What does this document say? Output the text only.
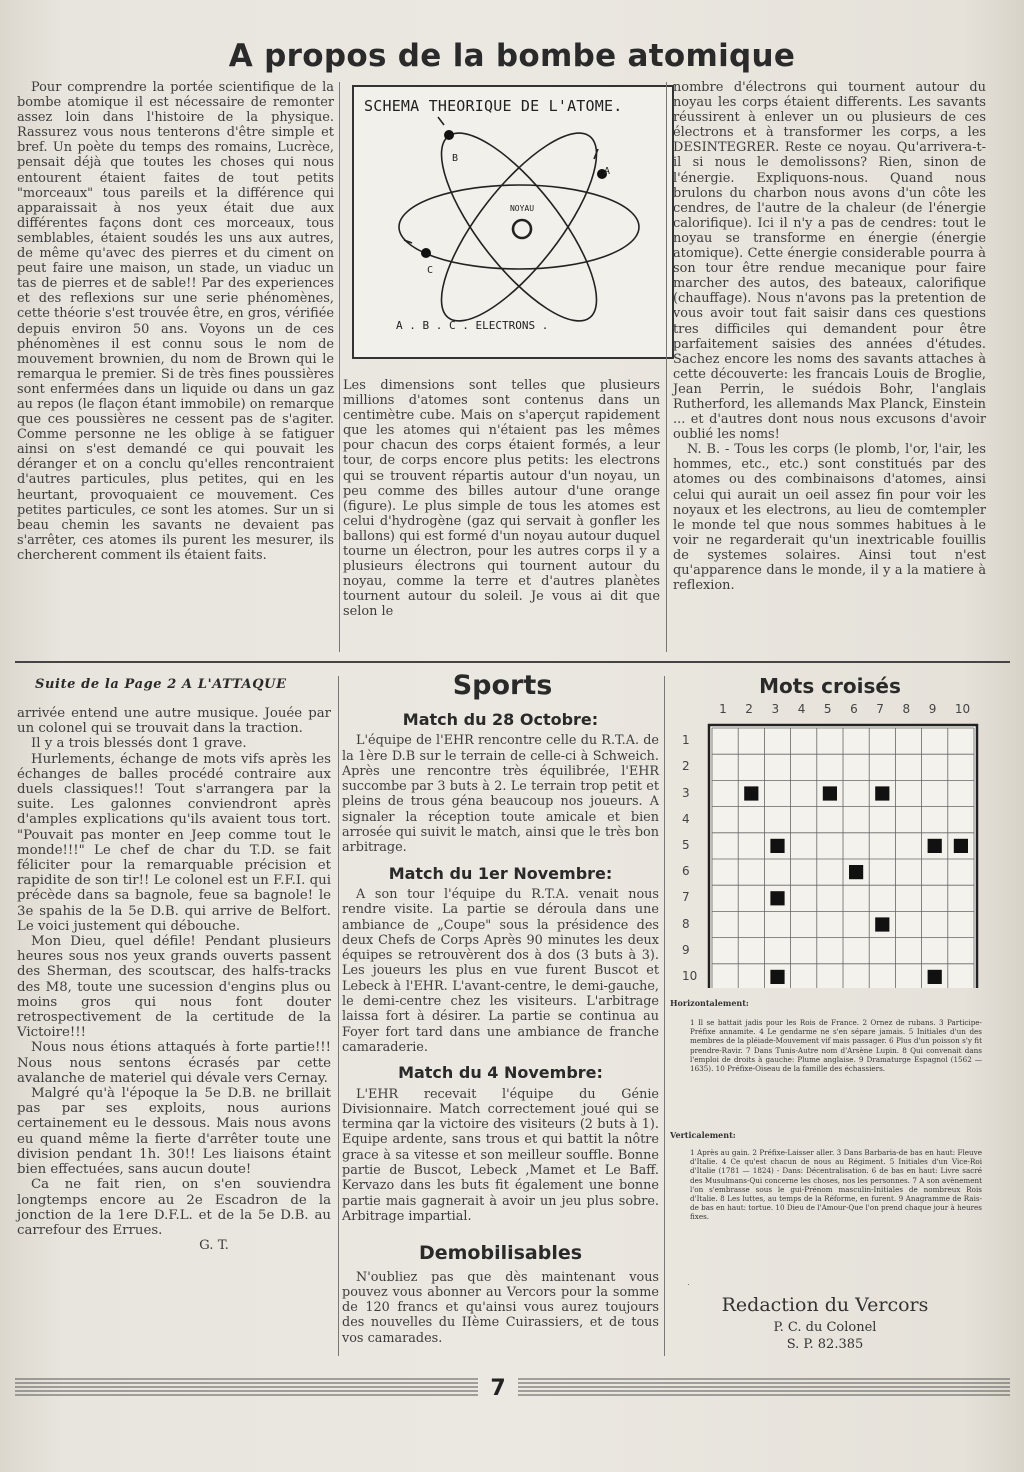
A propos de la bombe atomique

Pour comprendre la portée scientifique de la bombe atomique il est nécessaire de remonter assez loin dans l'histoire de la physique. Rassurez vous nous tenterons d'être simple et bref. Un poète du temps des romains, Lucrèce, pensait déjà que toutes les choses qui nous entourent étaient faites de tout petits "morceaux" tous pareils et la différence qui apparaissait à nos yeux était due aux différentes façons dont ces morceaux, tous semblables, étaient soudés les uns aux autres, de même qu'avec des pierres et du ciment on peut faire une maison, un stade, un viaduc un tas de pierres et de sable!! Par des experiences et des reflexions sur une serie phénomènes, cette théorie s'est trouvée être, en gros, vérifiée depuis environ 50 ans. Voyons un de ces phénomènes il est connu sous le nom de mouvement brownien, du nom de Brown qui le remarqua le premier. Si de très fines poussières sont enfermées dans un liquide ou dans un gaz au repos (le flaçon étant immobile) on remarque que ces poussières ne cessent pas de s'agiter. Comme personne ne les oblige à se fatiguer ainsi on s'est demandé ce qui pouvait les déranger et on a conclu qu'elles rencontraient d'autres particules, plus petites, qui en les heurtant, provoquaient ce mouvement. Ces petites particules, ce sont les atomes. Sur un si beau chemin les savants ne devaient pas s'arrêter, ces atomes ils purent les mesurer, ils chercherent comment ils étaient faits.

SCHEMA THEORIQUE DE L'ATOME.
NOYAU
B
A
C
A . B . C . ELECTRONS .

Les dimensions sont telles que plusieurs millions d'atomes sont contenus dans un centimètre cube. Mais on s'aperçut rapidement que les atomes qui n'étaient pas les mêmes pour chacun des corps étaient formés, a leur tour, de corps encore plus petits: les electrons qui se trouvent répartis autour d'un noyau, un peu comme des billes autour d'une orange (figure). Le plus simple de tous les atomes est celui d'hydrogène (gaz qui servait à gonfler les ballons) qui est formé d'un noyau autour duquel tourne un électron, pour les autres corps il y a plusieurs électrons qui tournent autour du noyau, comme la terre et d'autres planètes tournent autour du soleil. Je vous ai dit que selon le

nombre d'électrons qui tournent autour du noyau les corps étaient differents. Les savants réussirent à enlever un ou plusieurs de ces électrons et à transformer les corps, a les DESINTEGRER. Reste ce noyau. Qu'arrivera-t-il si nous le demolissons? Rien, sinon de l'énergie. Expliquons-nous. Quand nous brulons du charbon nous avons d'un côte les cendres, de l'autre de la chaleur (de l'énergie calorifique). Ici il n'y a pas de cendres: tout le noyau se transforme en énergie (énergie atomique). Cette énergie considerable pourra à son tour être rendue mecanique pour faire marcher des autos, des bateaux, calorifique (chauffage). Nous n'avons pas la pretention de vous avoir tout fait saisir dans ces questions tres difficiles qui demandent pour être parfaitement saisies des années d'études. Sachez encore les noms des savants attaches à cette découverte: les francais Louis de Broglie, Jean Perrin, le suédois Bohr, l'anglais Rutherford, les allemands Max Planck, Einstein ... et d'autres dont nous nous excusons d'avoir oublié les noms!

N. B. - Tous les corps (le plomb, l'or, l'air, les hommes, etc., etc.) sont constitués par des atomes ou des combinaisons d'atomes, ainsi celui qui aurait un oeil assez fin pour voir les noyaux et les electrons, au lieu de comtempler le monde tel que nous sommes habitues à le voir ne regarderait qu'un inextricable fouillis de systemes solaires. Ainsi tout n'est qu'apparence dans le monde, il y a la matiere à reflexion.

Suite de la Page 2 A L'ATTAQUE

arrivée entend une autre musique. Jouée par un colonel qui se trouvait dans la traction.

Il y a trois blessés dont 1 grave.

Hurlements, échange de mots vifs après les échanges de balles procédé contraire aux duels classiques!! Tout s'arrangera par la suite. Les galonnes conviendront après d'amples explications qu'ils avaient tous tort. "Pouvait pas monter en Jeep comme tout le monde!!!" Le chef de char du T.D. se fait féliciter pour la remarquable précision et rapidite de son tir!! Le colonel est un F.F.I. qui précède dans sa bagnole, feue sa bagnole! le 3e spahis de la 5e D.B. qui arrive de Belfort. Le voici justement qui débouche.

Mon Dieu, quel défile! Pendant plusieurs heures sous nos yeux grands ouverts passent des Sherman, des scoutscar, des halfs-tracks des M8, toute une sucession d'engins plus ou moins gros qui nous font douter retrospectivement de la certitude de la Victoire!!!

Nous nous étions attaqués à forte partie!!! Nous nous sentons écrasés par cette avalanche de materiel qui dévale vers Cernay.

Malgré qu'à l'époque la 5e D.B. ne brillait pas par ses exploits, nous aurions certainement eu le dessous. Mais nous avons eu quand même la fierte d'arrêter toute une division pendant 1h. 30!! Les liaisons étaint bien effectuées, sans aucun doute!

Ca ne fait rien, on s'en souviendra longtemps encore au 2e Escadron de la jonction de la 1ere D.F.L. et de la 5e D.B. au carrefour des Errues.

G. T.
Sports
Match du 28 Octobre:

L'équipe de l'EHR rencontre celle du R.T.A. de la 1ère D.B sur le terrain de celle-ci à Schweich. Après une rencontre très équilibrée, l'EHR succombe par 3 buts à 2. Le terrain trop petit et pleins de trous géna beaucoup nos joueurs. A signaler la réception toute amicale et bien arrosée qui suivit le match, ainsi que le très bon arbitrage.

Match du 1er Novembre:

A son tour l'équipe du R.T.A. venait nous rendre visite. La partie se déroula dans une ambiance de „Coupe" sous la présidence des deux Chefs de Corps Après 90 minutes les deux équipes se retrouvèrent dos à dos (3 buts à 3). Les joueurs les plus en vue furent Buscot et Lebeck à l'EHR. L'avant-centre, le demi-gauche, le demi-centre chez les visiteurs. L'arbitrage laissa fort à désirer. La partie se continua au Foyer fort tard dans une ambiance de franche camaraderie.

Match du 4 Novembre:

L'EHR recevait l'équipe du Génie Divisionnaire. Match correctement joué qui se termina qar la victoire des visiteurs (2 buts à 1). Equipe ardente, sans trous et qui battit la nôtre grace à sa vitesse et son meilleur souffle. Bonne partie de Buscot, Lebeck ,Mamet et Le Baff. Kervazo dans les buts fit également une bonne partie mais gagnerait à avoir un jeu plus sobre. Arbitrage impartial.

Demobilisables

N'oubliez pas que dès maintenant vous pouvez vous abonner au Vercors pour la somme de 120 francs et qu'ainsi vous aurez toujours des nouvelles du IIème Cuirassiers, et de tous vos camarades.

Mots croisés
1 2 3 4 5 6 7 8 9 10
1
2
3
4
5
6
7
8
9
10
Horizontalement:
1 Il se battait jadis pour les Rois de France. 2 Ornez de rubans. 3 Participe-Préfixe annamite. 4 Le gendarme ne s'en sépare jamais. 5 Initiales d'un des membres de la pléiade-Mouvement vif mais passager. 6 Plus d'un poisson s'y fit prendre-Ravir. 7 Dans Tunis-Autre nom d'Arsène Lupin. 8 Qui convenait dans l'emploi de droits à gauche: Plume anglaise. 9 Dramaturge Espagnol (1562 — 1635). 10 Préfixe-Oiseau de la famille des échassiers.
Verticalement:
1 Après au gain. 2 Préfixe-Laisser aller. 3 Dans Barbaria-de bas en haut: Fleuve d'Italie. 4 Ce qu'est chacun de nous au Régiment. 5 Initiales d'un Vice-Roi d'Italie (1781 — 1824) - Dans: Décentralisation. 6 de bas en haut: Livre sacré des Musulmans-Qui concerne les choses, nos les personnes. 7 A son avènement l'on s'embrasse sous le gui-Prénom masculin-Initiales de nombreux Rois d'Italie. 8 Les luttes, au temps de la Réforme, en furent. 9 Anagramme de Rais-de bas en haut: tortue. 10 Dieu de l'Amour-Que l'on prend chaque jour à heures fixes.
Redaction du Vercors
P. C. du Colonel
S. P. 82.385
7
